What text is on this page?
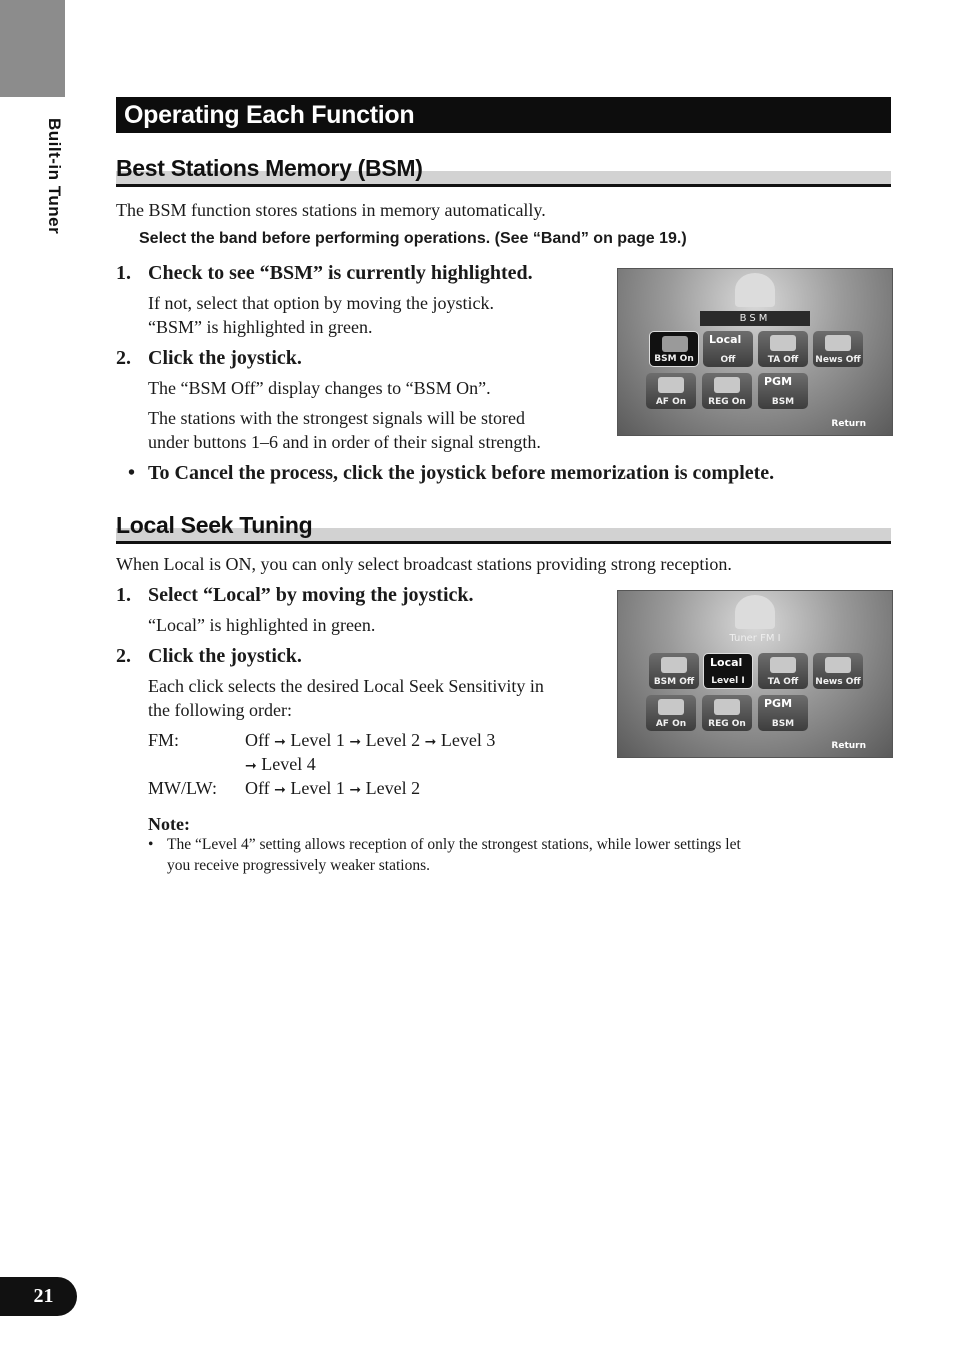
Built-in Tuner
Operating Each Function
Best Stations Memory (BSM)
The BSM function stores stations in memory automatically.
Select the band before performing operations. (See “Band” on page 19.)
1. Check to see “BSM” is currently highlighted.
If not, select that option by moving the joystick.
“BSM” is highlighted in green.
2. Click the joystick.
The “BSM Off” display changes to “BSM On”.
The stations with the strongest signals will be stored
under buttons 1–6 and in order of their signal strength.
• To Cancel the process, click the joystick before memorization is complete.
BSM
BSM On
Local
Off	TA Off News Off
AF On REG On
PGM
BSM
Return
Local Seek Tuning
When Local is ON, you can only select broadcast stations providing strong reception.
1. Select “Local” by moving the joystick.
“Local” is highlighted in green.
2. Click the joystick.
Each click selects the desired Local Seek Sensitivity in
the following order:
FM:	Off ➞ Level 1 ➞ Level 2 ➞ Level 3
➞ Level 4
MW/LW: Off ➞ Level 1 ➞ Level 2
Note:
• The “Level 4” setting allows reception of only the strongest stations, while lower settings let
you receive progressively weaker stations.
Tuner FM I
BSM Off
Local
Level I	TA Off News Off
AF On REG On
PGM
BSM
Return
21
